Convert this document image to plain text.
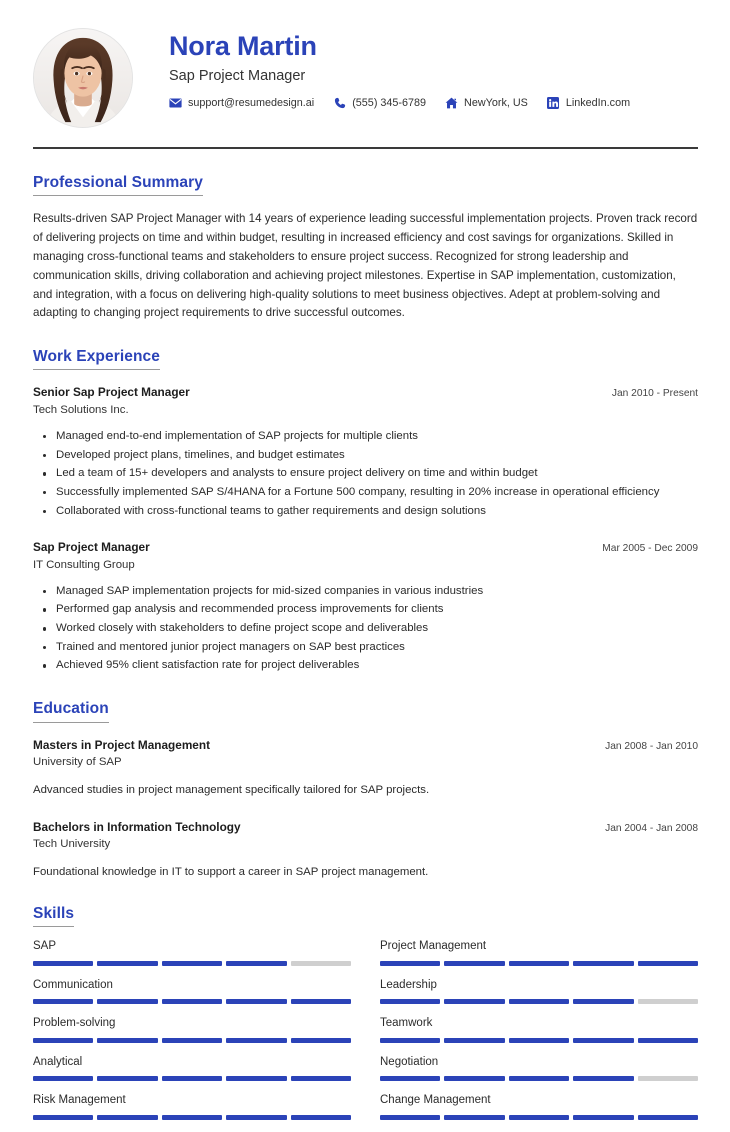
Nora Martin
Sap Project Manager
support@resumedesign.ai	(555) 345-6789	NewYork, US	LinkedIn.com
Professional Summary

Results-driven SAP Project Manager with 14 years of experience leading successful implementation projects. Proven track record of delivering projects on time and within budget, resulting in increased efficiency and cost savings for organizations. Skilled in managing cross-functional teams and stakeholders to ensure project success. Recognized for strong leadership and communication skills, driving collaboration and achieving project milestones. Expertise in SAP implementation, customization, and integration, with a focus on delivering high-quality solutions to meet business objectives. Adept at problem-solving and adapting to changing project requirements to drive successful outcomes.

Work Experience
Senior Sap Project Manager	Jan 2010 - Present
Tech Solutions Inc.
Managed end-to-end implementation of SAP projects for multiple clients
Developed project plans, timelines, and budget estimates
Led a team of 15+ developers and analysts to ensure project delivery on time and within budget
Successfully implemented SAP S/4HANA for a Fortune 500 company, resulting in 20% increase in operational efficiency
Collaborated with cross-functional teams to gather requirements and design solutions
Sap Project Manager	Mar 2005 - Dec 2009
IT Consulting Group
Managed SAP implementation projects for mid-sized companies in various industries
Performed gap analysis and recommended process improvements for clients
Worked closely with stakeholders to define project scope and deliverables
Trained and mentored junior project managers on SAP best practices
Achieved 95% client satisfaction rate for project deliverables
Education
Masters in Project Management	Jan 2008 - Jan 2010
University of SAP
Advanced studies in project management specifically tailored for SAP projects.
Bachelors in Information Technology	Jan 2004 - Jan 2008
Tech University
Foundational knowledge in IT to support a career in SAP project management.
Skills
SAP	Project Management
Communication	Leadership
Problem-solving	Teamwork
Analytical	Negotiation
Risk Management	Change Management
